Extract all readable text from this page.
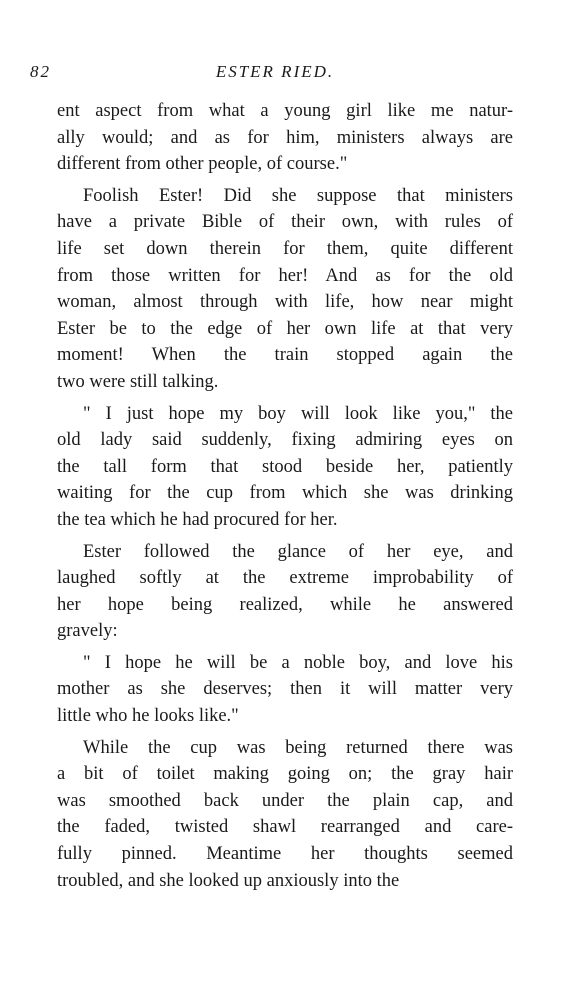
82	ESTER RIED.
ent aspect from what a young girl like me natur-
ally would; and as for him, ministers always are
different from other people, of course."
Foolish Ester! Did she suppose that ministers
have a private Bible of their own, with rules of
life set down therein for them, quite different
from those written for her! And as for the old
woman, almost through with life, how near might
Ester be to the edge of her own life at that very
moment! When the train stopped again the
two were still talking.
" I just hope my boy will look like you," the
old lady said suddenly, fixing admiring eyes on
the tall form that stood beside her, patiently
waiting for the cup from which she was drinking
the tea which he had procured for her.
Ester followed the glance of her eye, and
laughed softly at the extreme improbability of
her hope being realized, while he answered
gravely:
" I hope he will be a noble boy, and love his
mother as she deserves; then it will matter very
little who he looks like."
While the cup was being returned there was
a bit of toilet making going on; the gray hair
was smoothed back under the plain cap, and
the faded, twisted shawl rearranged and care-
fully pinned. Meantime her thoughts seemed
troubled, and she looked up anxiously into the
